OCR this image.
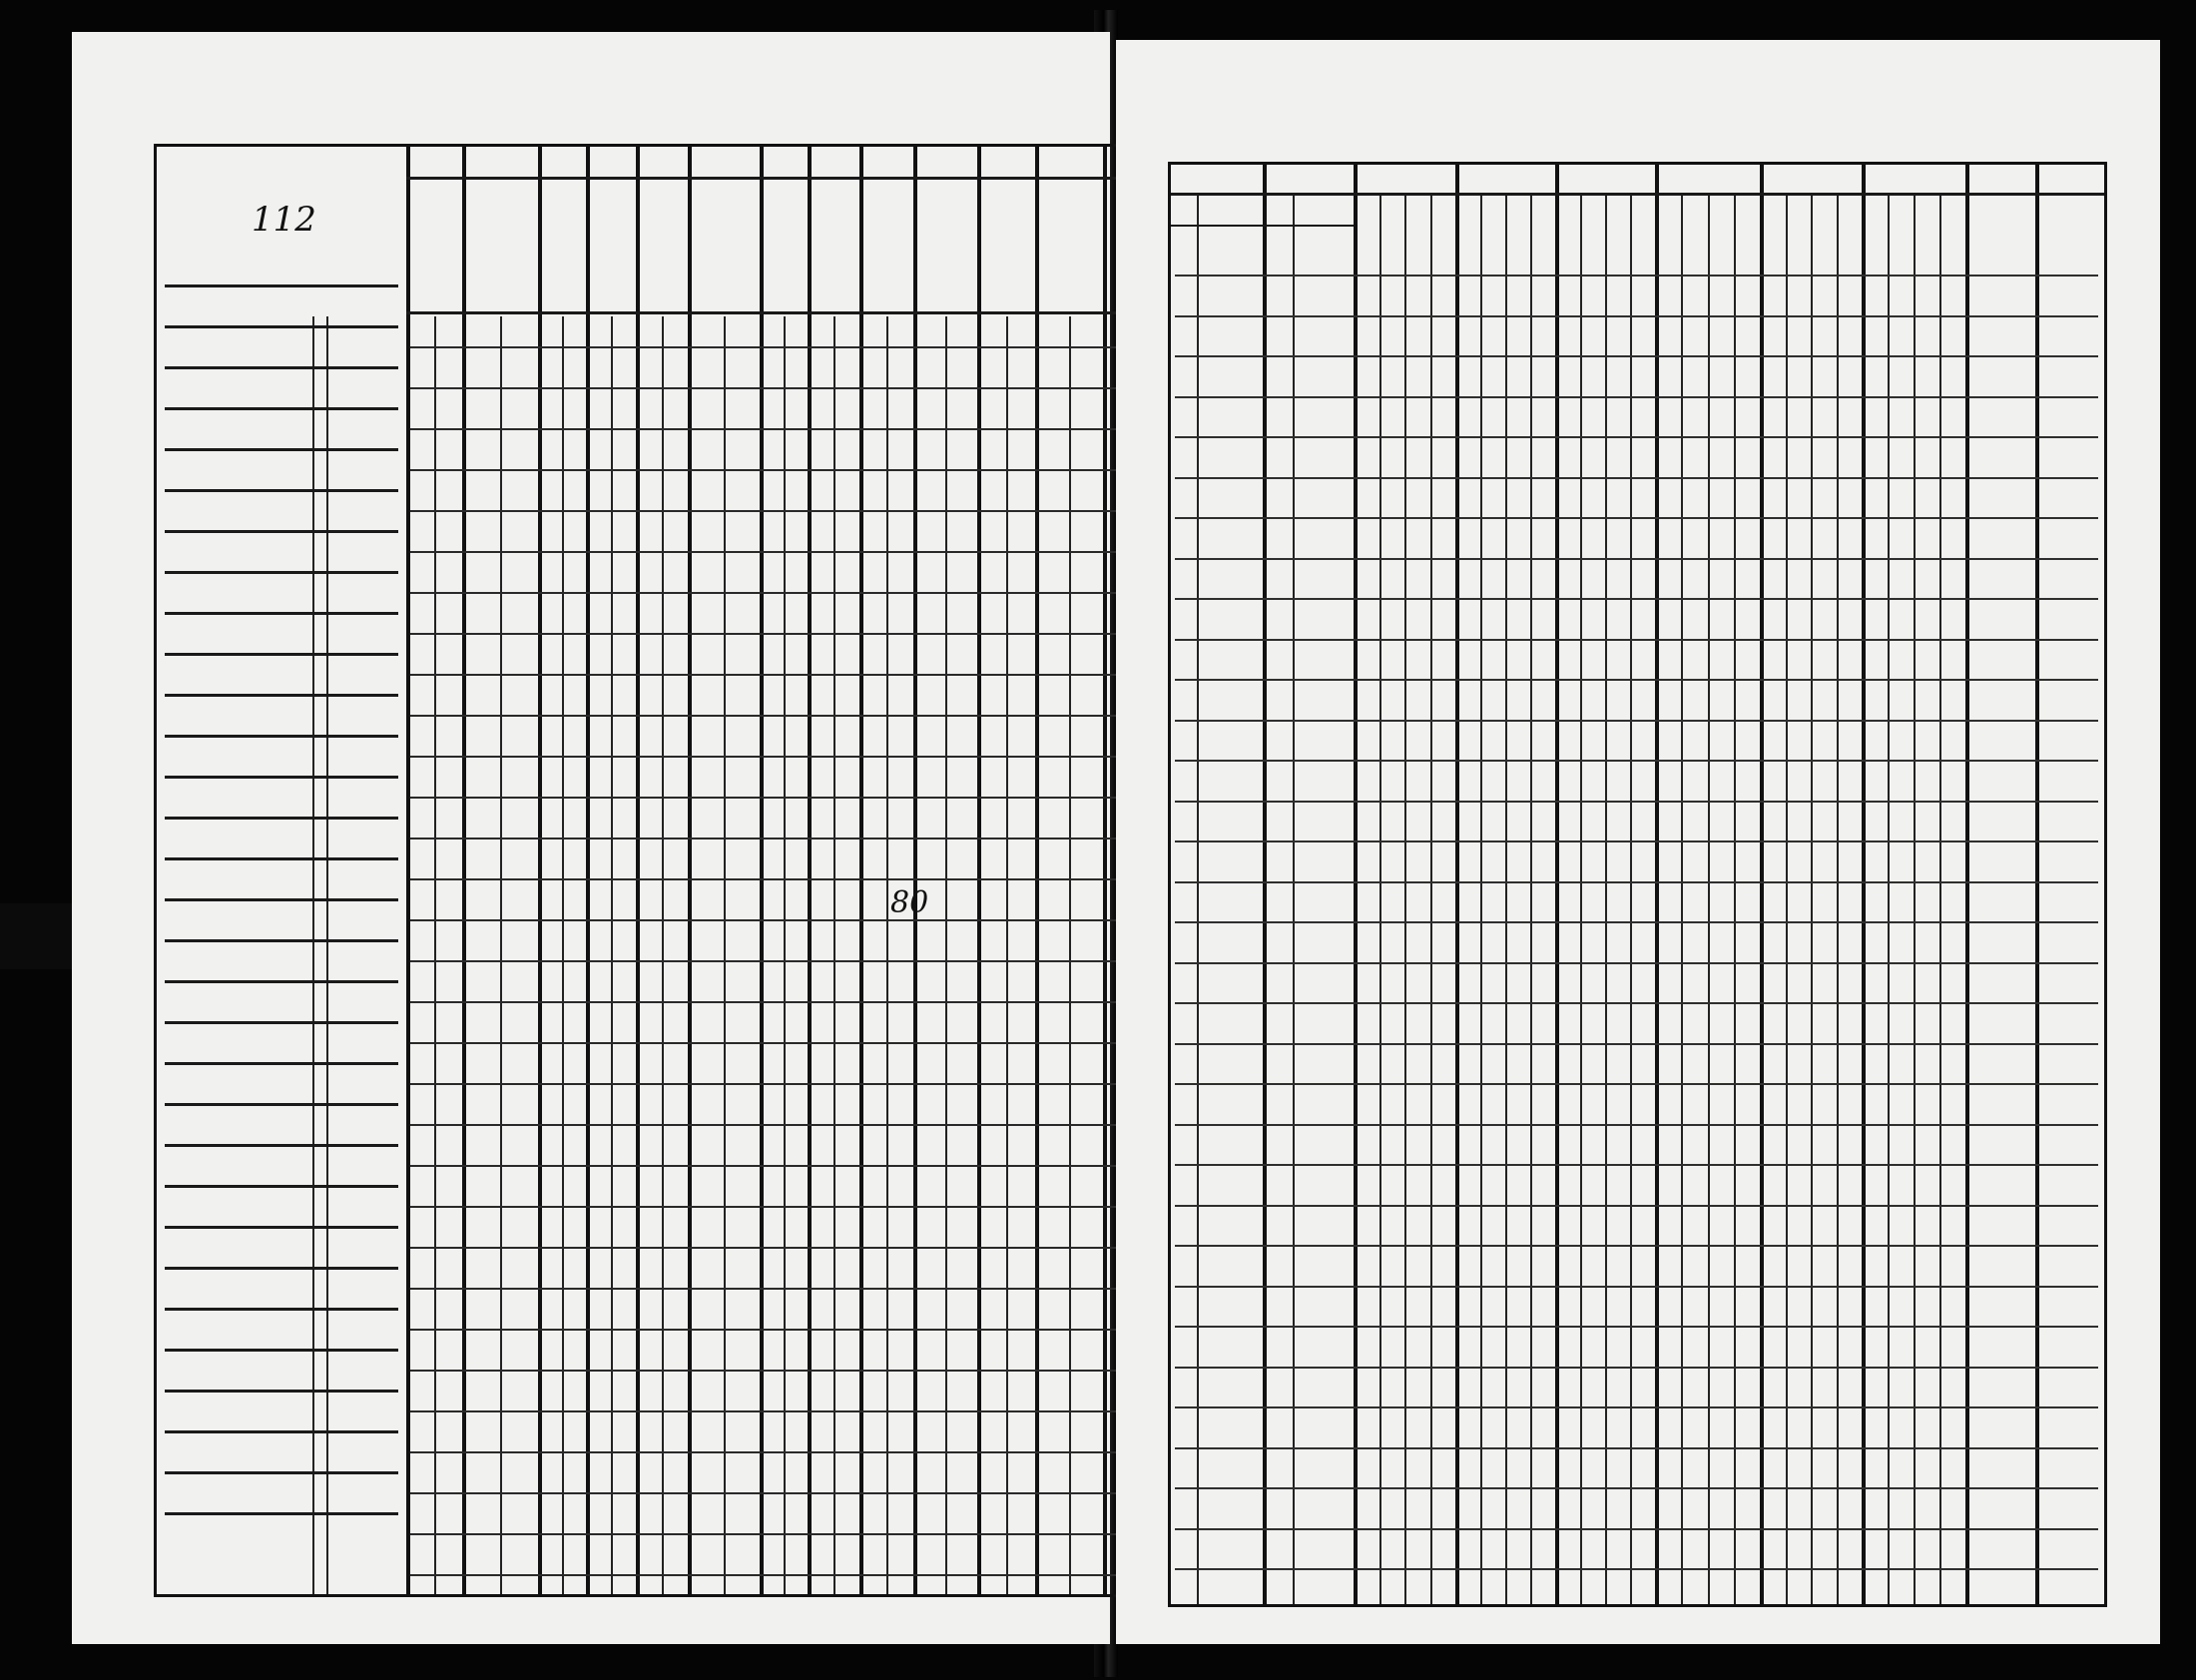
112
80
